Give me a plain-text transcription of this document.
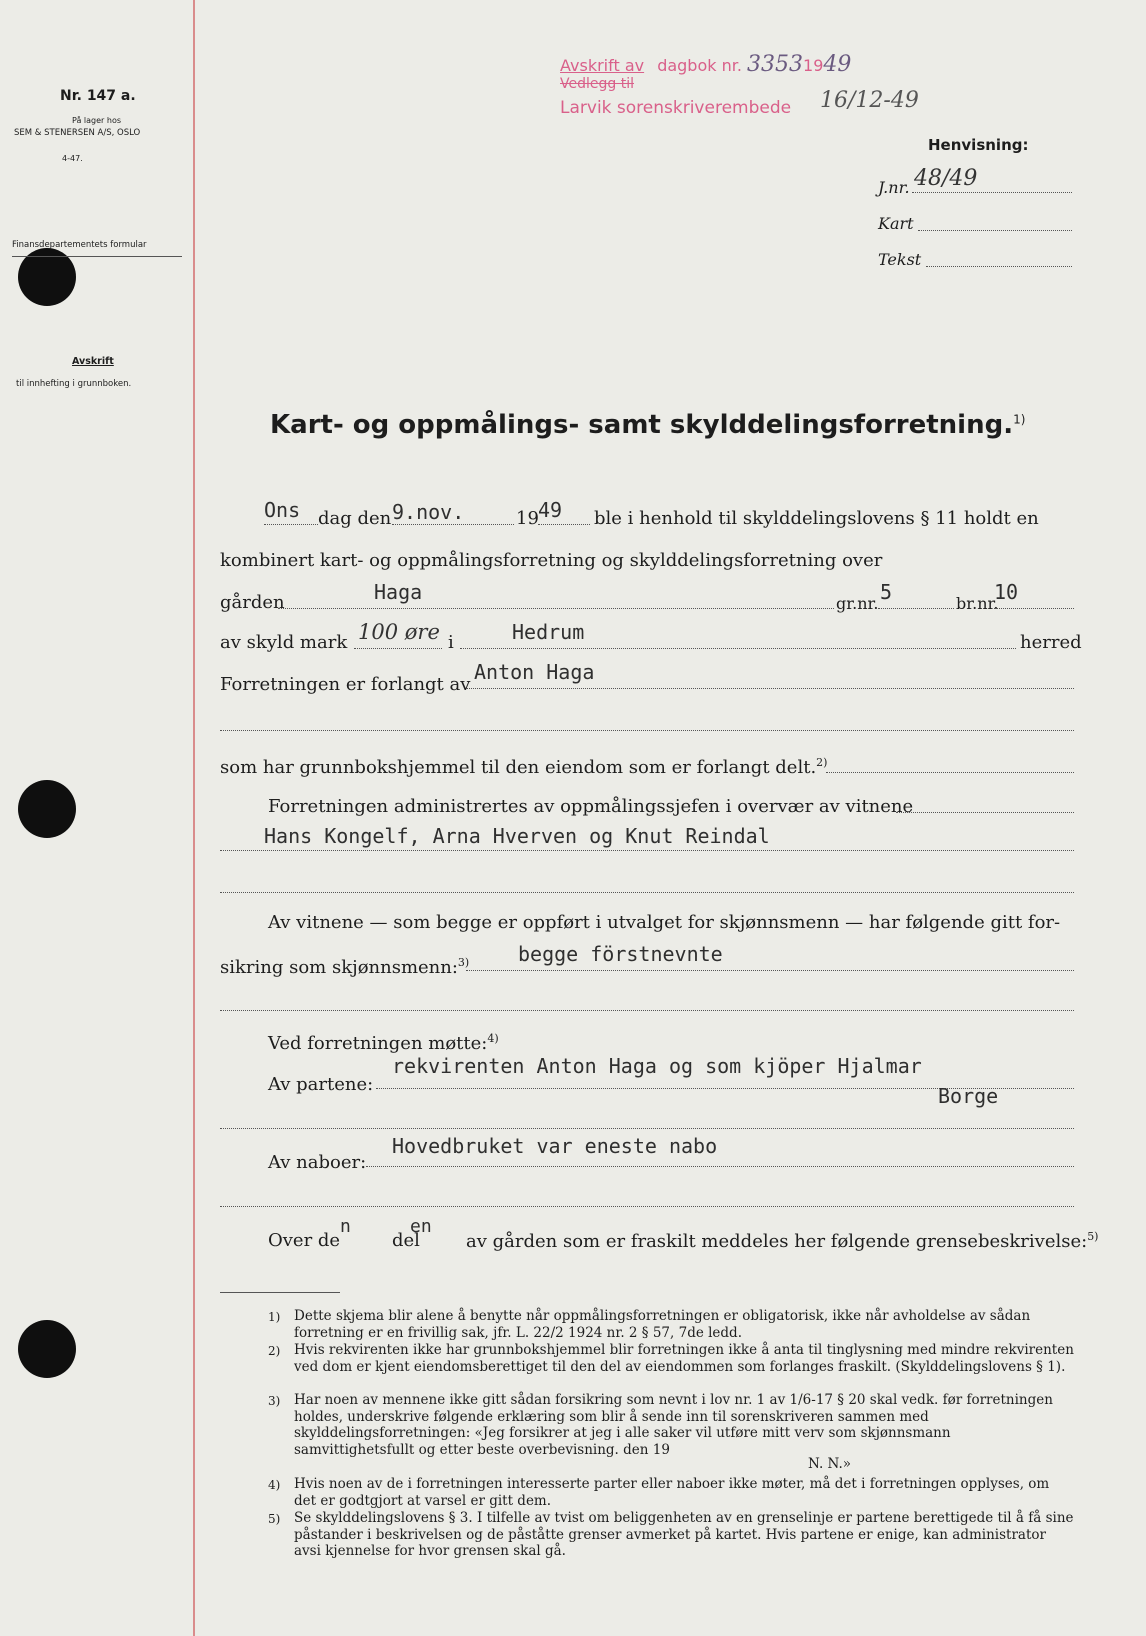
Nr. 147 a.
På lager hos
SEM & STENERSEN A/S, OSLO
4-47.
Finansdepartementets formular
Avskrift
til innhefting i grunnboken.
Avskrift av dagbok nr. 33531949
Vedlegg til
Larvik sorenskriverembede 16/12-49
Henvisning:
J.nr. 48/49
Kart
Tekst
Kart- og oppmålings- samt skylddelingsforretning.$^{1)}$
Ons dag den 9.nov.	19 49 ble i henhold til skylddelingslovens § 11 holdt en
kombinert kart- og oppmålingsforretning og skylddelingsforretning over
gården	Haga	gr.nr. 5	br.nr.
10
av skyld mark 100 øre i	Hedrum	herred
Forretningen er forlangt av
Anton Haga
som har grunnbokshjemmel til den eiendom som er forlangt delt.$^{2)}$
Forretningen administrertes av oppmålingssjefen i overvær av vitnene
Hans Kongelf, Arna Hverven og Knut Reindal
Av vitnene — som begge er oppført i utvalget for skjønnsmenn — har følgende gitt for-
sikring som skjønnsmenn:$^{3)}$ begge förstnevnte
Ved forretningen møtte:$^{4)}$
rekvirenten Anton Haga og som kjöper Hjalmar
Av partene:	Borge
Hovedbruket var eneste nabo
Av naboer:
Over de
n
del
en
av gården som er fraskilt meddeles her følgende grensebeskrivelse:$^{5)}$
1) Dette skjema blir alene å benytte når oppmålingsforretningen er obligatorisk, ikke når avholdelse av sådan forretning er en frivillig sak, jfr. L. 22/2 1924 nr. 2 § 57, 7de ledd.
2) Hvis rekvirenten ikke har grunnbokshjemmel blir forretningen ikke å anta til tinglysning med mindre rekvirenten ved dom er kjent eiendomsberettiget til den del av eiendommen som forlanges fraskilt. (Skylddelingslovens § 1).
3) Har noen av mennene ikke gitt sådan forsikring som nevnt i lov nr. 1 av 1/6-17 § 20 skal vedk. før forretningen holdes, underskrive følgende erklæring som blir å sende inn til sorenskriveren sammen med skylddelingsforretningen: «Jeg forsikrer at jeg i alle saker vil utføre mitt verv som skjønnsmann samvittighetsfullt og etter beste overbevisning. den 19
N. N.»
4) Hvis noen av de i forretningen interesserte parter eller naboer ikke møter, må det i forretningen opplyses, om det er godtgjort at varsel er gitt dem.
5) Se skylddelingslovens § 3. I tilfelle av tvist om beliggenheten av en grenselinje er partene berettigede til å få sine påstander i beskrivelsen og de påståtte grenser avmerket på kartet. Hvis partene er enige, kan administrator avsi kjennelse for hvor grensen skal gå.
